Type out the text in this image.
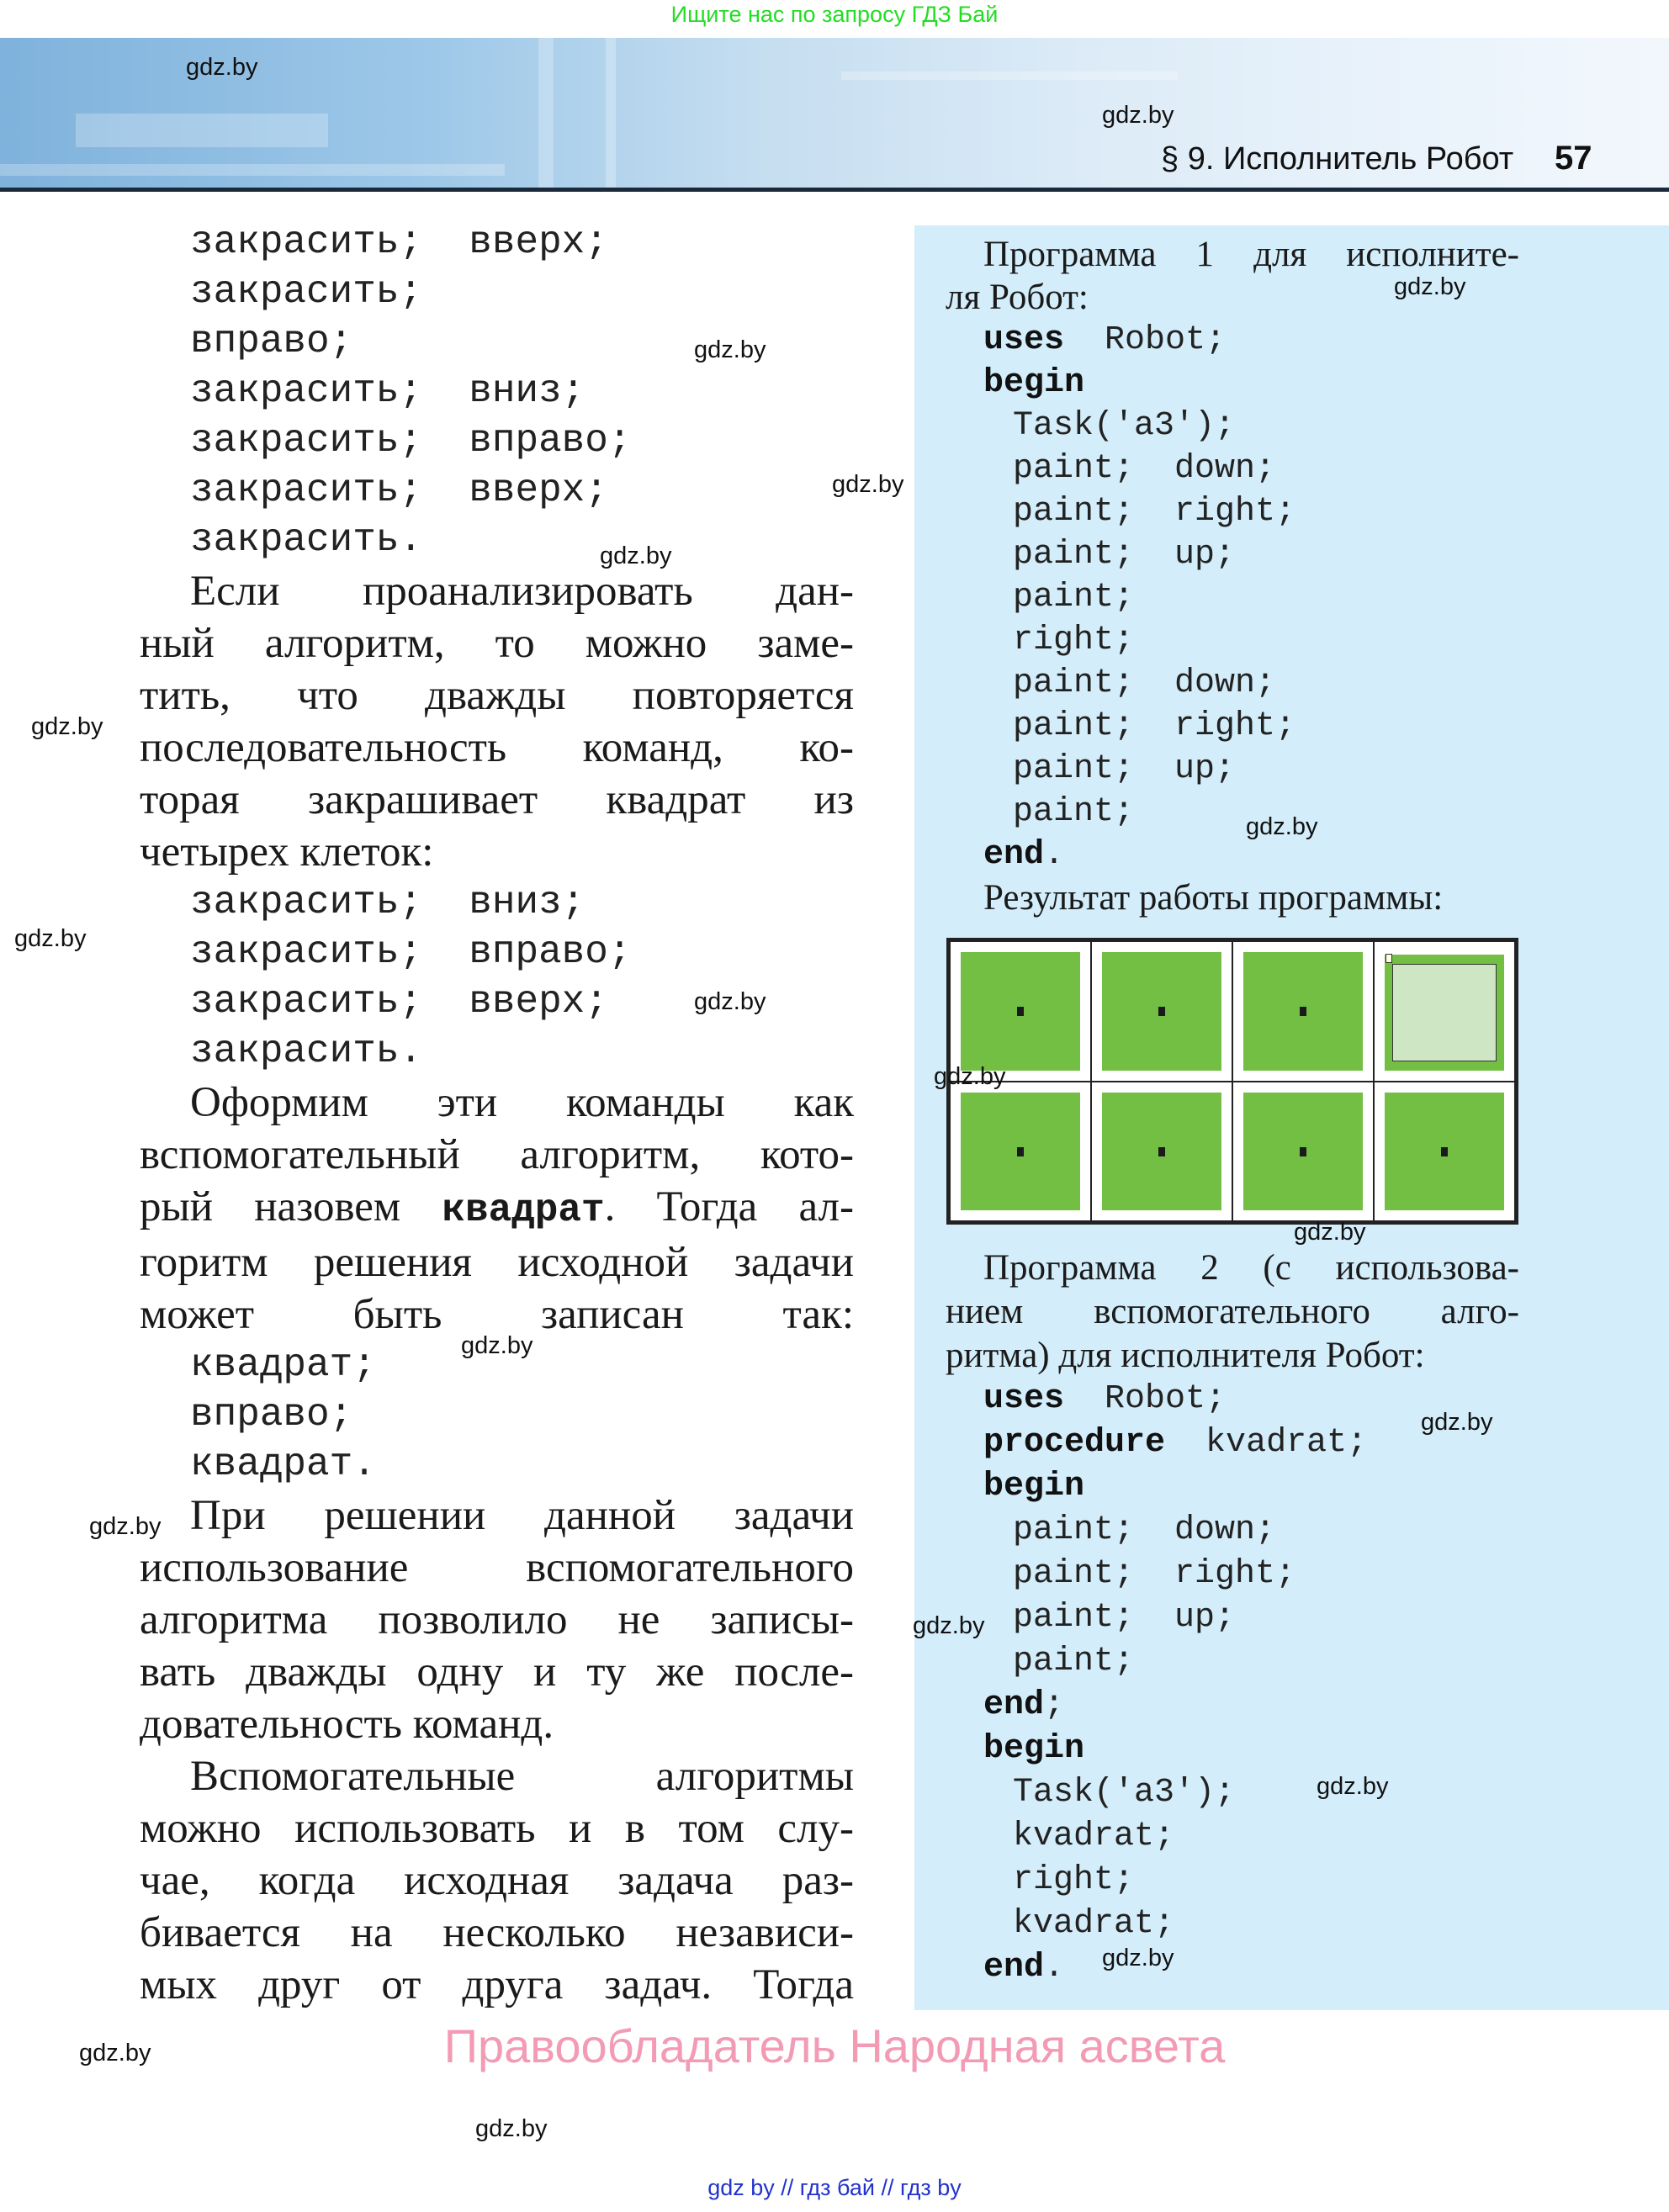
Ищите нас по запросу ГДЗ Бай
§ 9. Исполнитель Робот 57
закрасить;  вверх;
закрасить;
вправо;
закрасить;  вниз;
закрасить;  вправо;
закрасить;  вверх;
закрасить.
Если проанализировать дан-
ный алгоритм, то можно заме-
тить, что дважды повторяется
последовательность команд, ко-
торая закрашивает квадрат из
четырех клеток:
закрасить;  вниз;
закрасить;  вправо;
закрасить;  вверх;
закрасить.
Оформим эти команды как
вспомогательный алгоритм, кото-
рый назовем квадрат. Тогда ал-
горитм решения исходной задачи
может быть записан так:
квадрат;
вправо;
квадрат.
При решении данной задачи
использование вспомогательного
алгоритма позволило не записы-
вать дважды одну и ту же после-
довательность команд.
Вспомогательные алгоритмы
можно использовать и в том слу-
чае, когда исходная задача раз-
бивается на несколько независи-
мых друг от друга задач. Тогда
Программа 1 для исполните-
ля Робот:
uses  Robot;
begin
Task('a3');
paint;  down;
paint;  right;
paint;  up;
paint;
right;
paint;  down;
paint;  right;
paint;  up;
paint;
end.
Результат работы программы:
Программа 2 (с использова-
нием вспомогательного алго-
ритма) для исполнителя Робот:
uses  Robot;
procedure  kvadrat;
begin
paint;  down;
paint;  right;
paint;  up;
paint;
end;
begin
Task('a3');
kvadrat;
right;
kvadrat;
end.
gdz.by
gdz.by
gdz.by
gdz.by
gdz.by
gdz.by
gdz.by
gdz.by
gdz.by
gdz.by
gdz.by
gdz.by
gdz.by
gdz.by
gdz.by
gdz.by
gdz.by
gdz.by
gdz.by
gdz.by
Правообладатель Народная асвета
gdz by // гдз бай // гдз by
